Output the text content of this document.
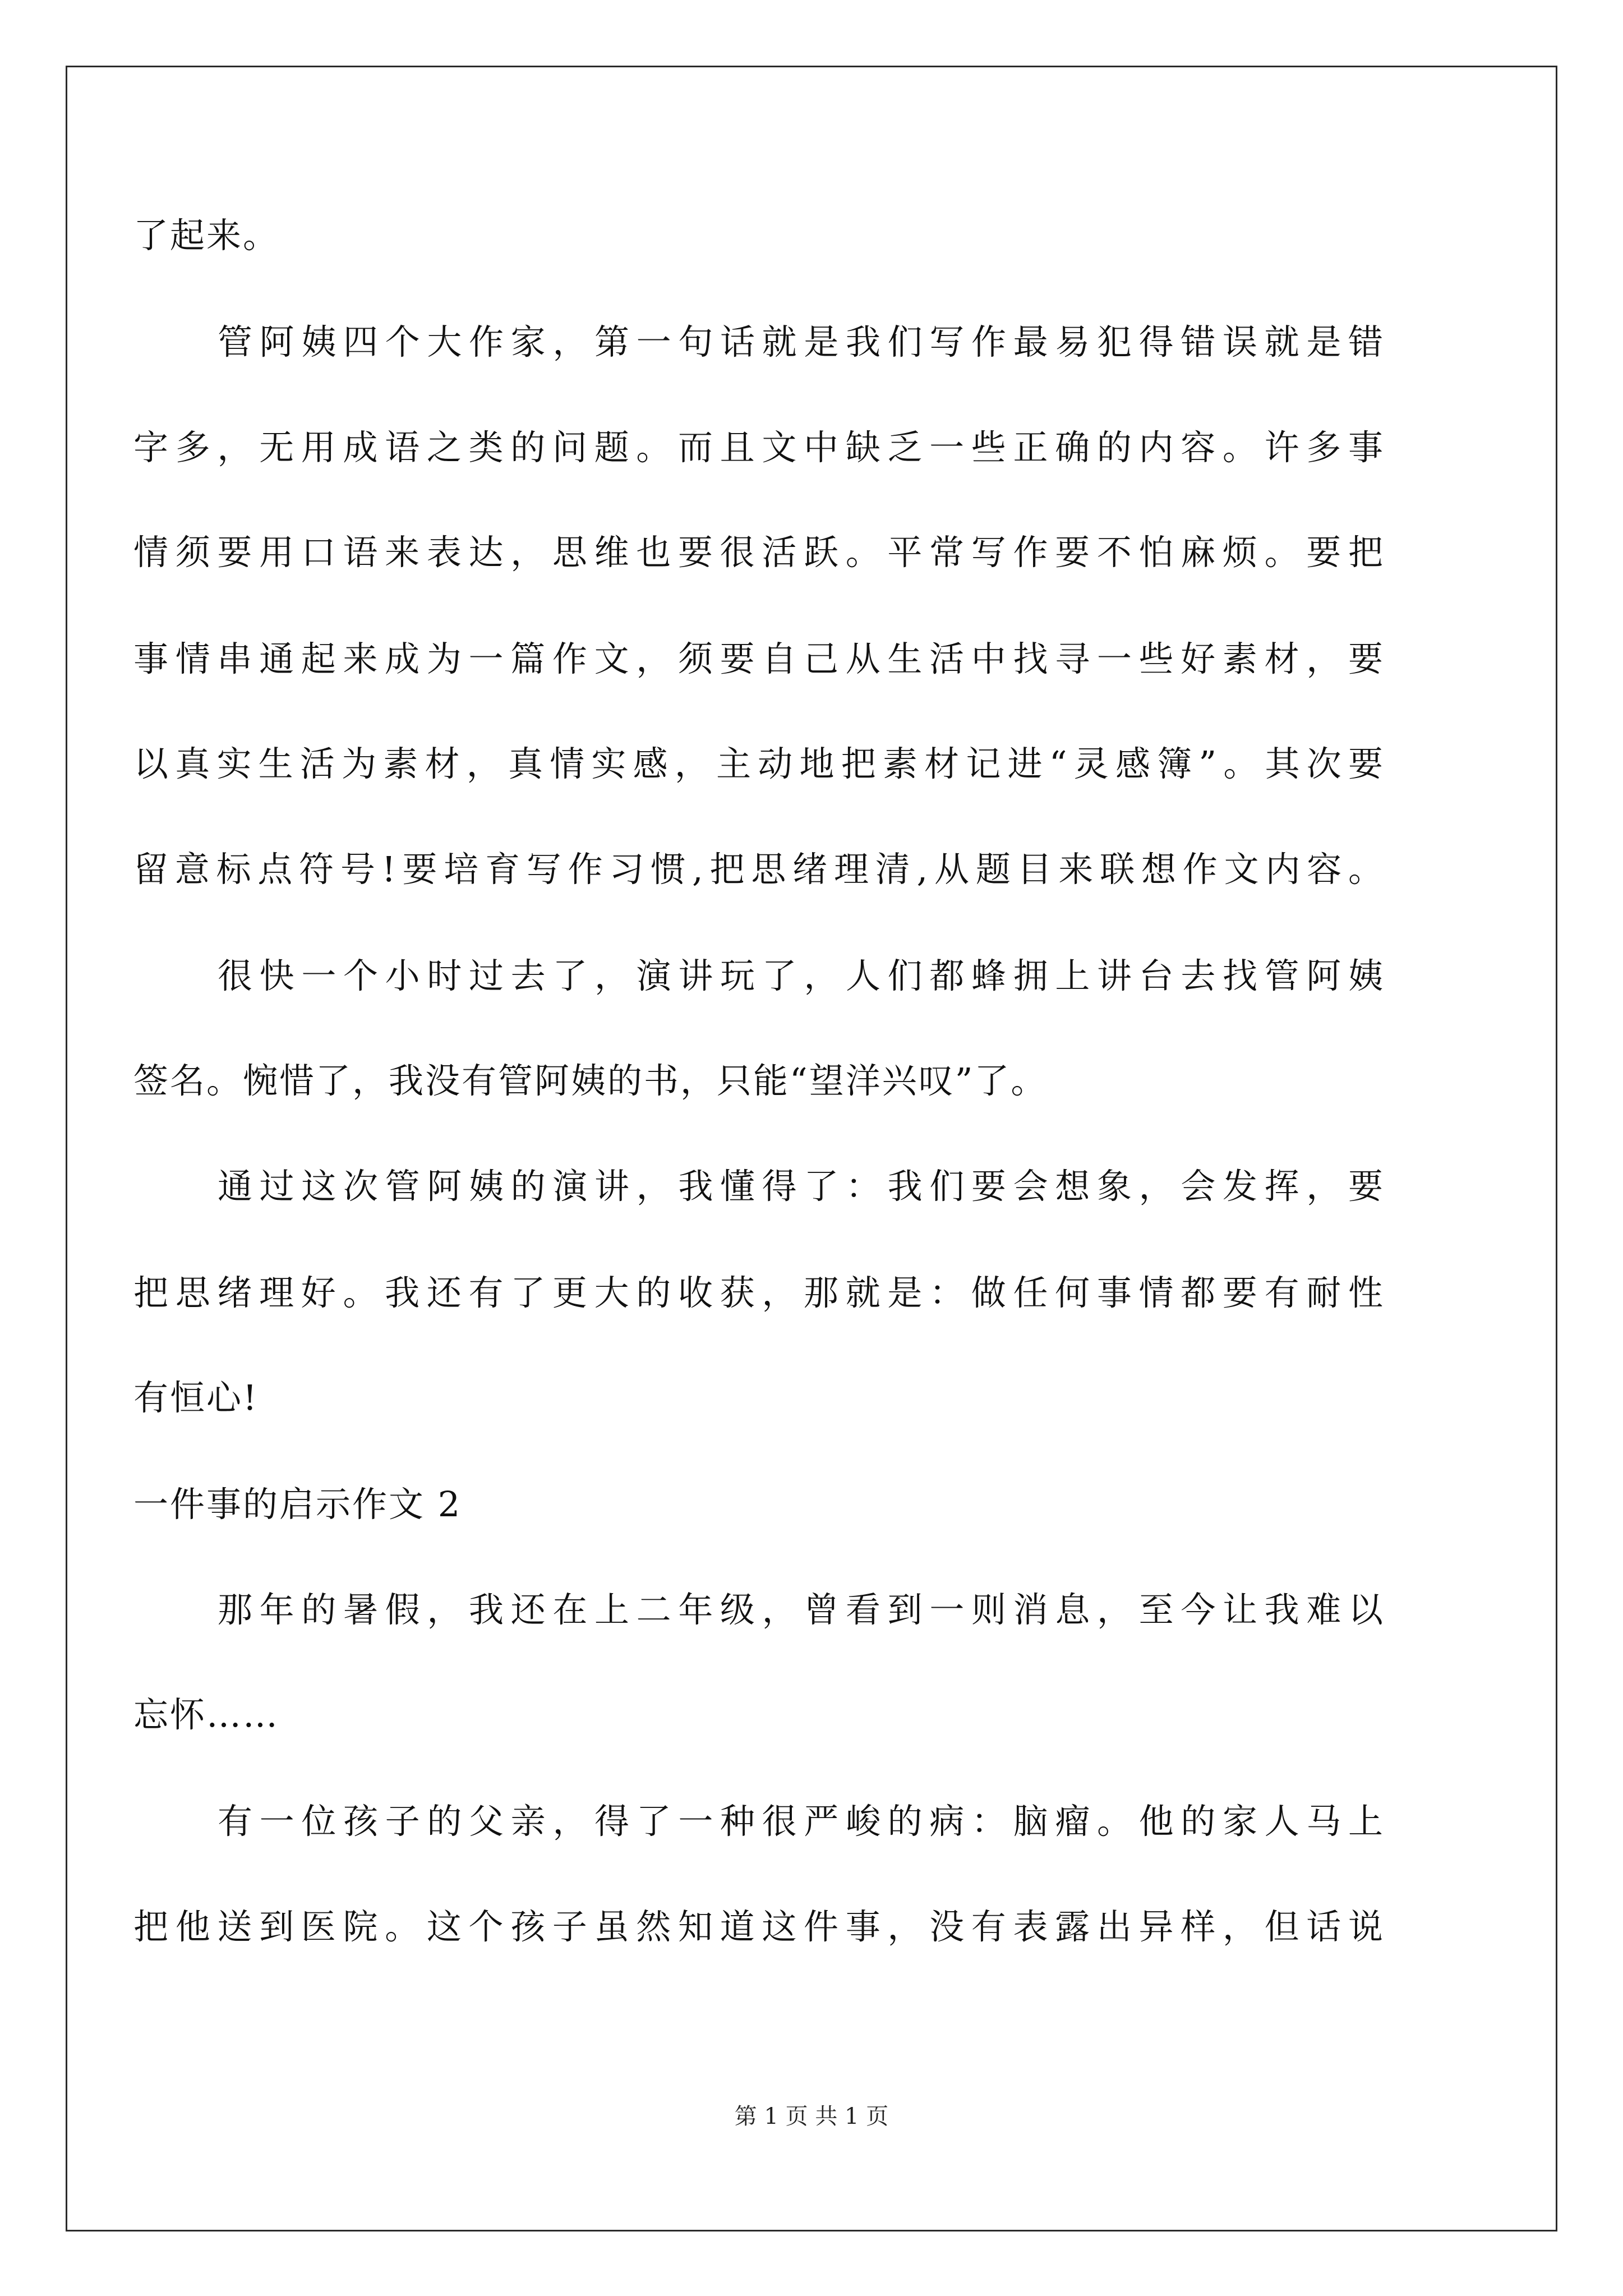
了起来。
管阿姨四个大作家，第一句话就是我们写作最易犯得错误就是错
字多，无用成语之类的问题。而且文中缺乏一些正确的内容。许多事
情须要用口语来表达，思维也要很活跃。平常写作要不怕麻烦。要把
事情串通起来成为一篇作文，须要自己从生活中找寻一些好素材，要
以真实生活为素材，真情实感，主动地把素材记进“灵感簿”。其次要
留意标点符号!要培育写作习惯,把思绪理清,从题目来联想作文内容。
很快一个小时过去了，演讲玩了，人们都蜂拥上讲台去找管阿姨
签名。惋惜了，我没有管阿姨的书，只能“望洋兴叹”了。
通过这次管阿姨的演讲，我懂得了：我们要会想象，会发挥，要
把思绪理好。我还有了更大的收获，那就是：做任何事情都要有耐性
有恒心!
一件事的启示作文 2
那年的暑假，我还在上二年级，曾看到一则消息，至今让我难以
忘怀……
有一位孩子的父亲，得了一种很严峻的病：脑瘤。他的家人马上
把他送到医院。这个孩子虽然知道这件事，没有表露出异样，但话说
第 1 页 共 1 页
